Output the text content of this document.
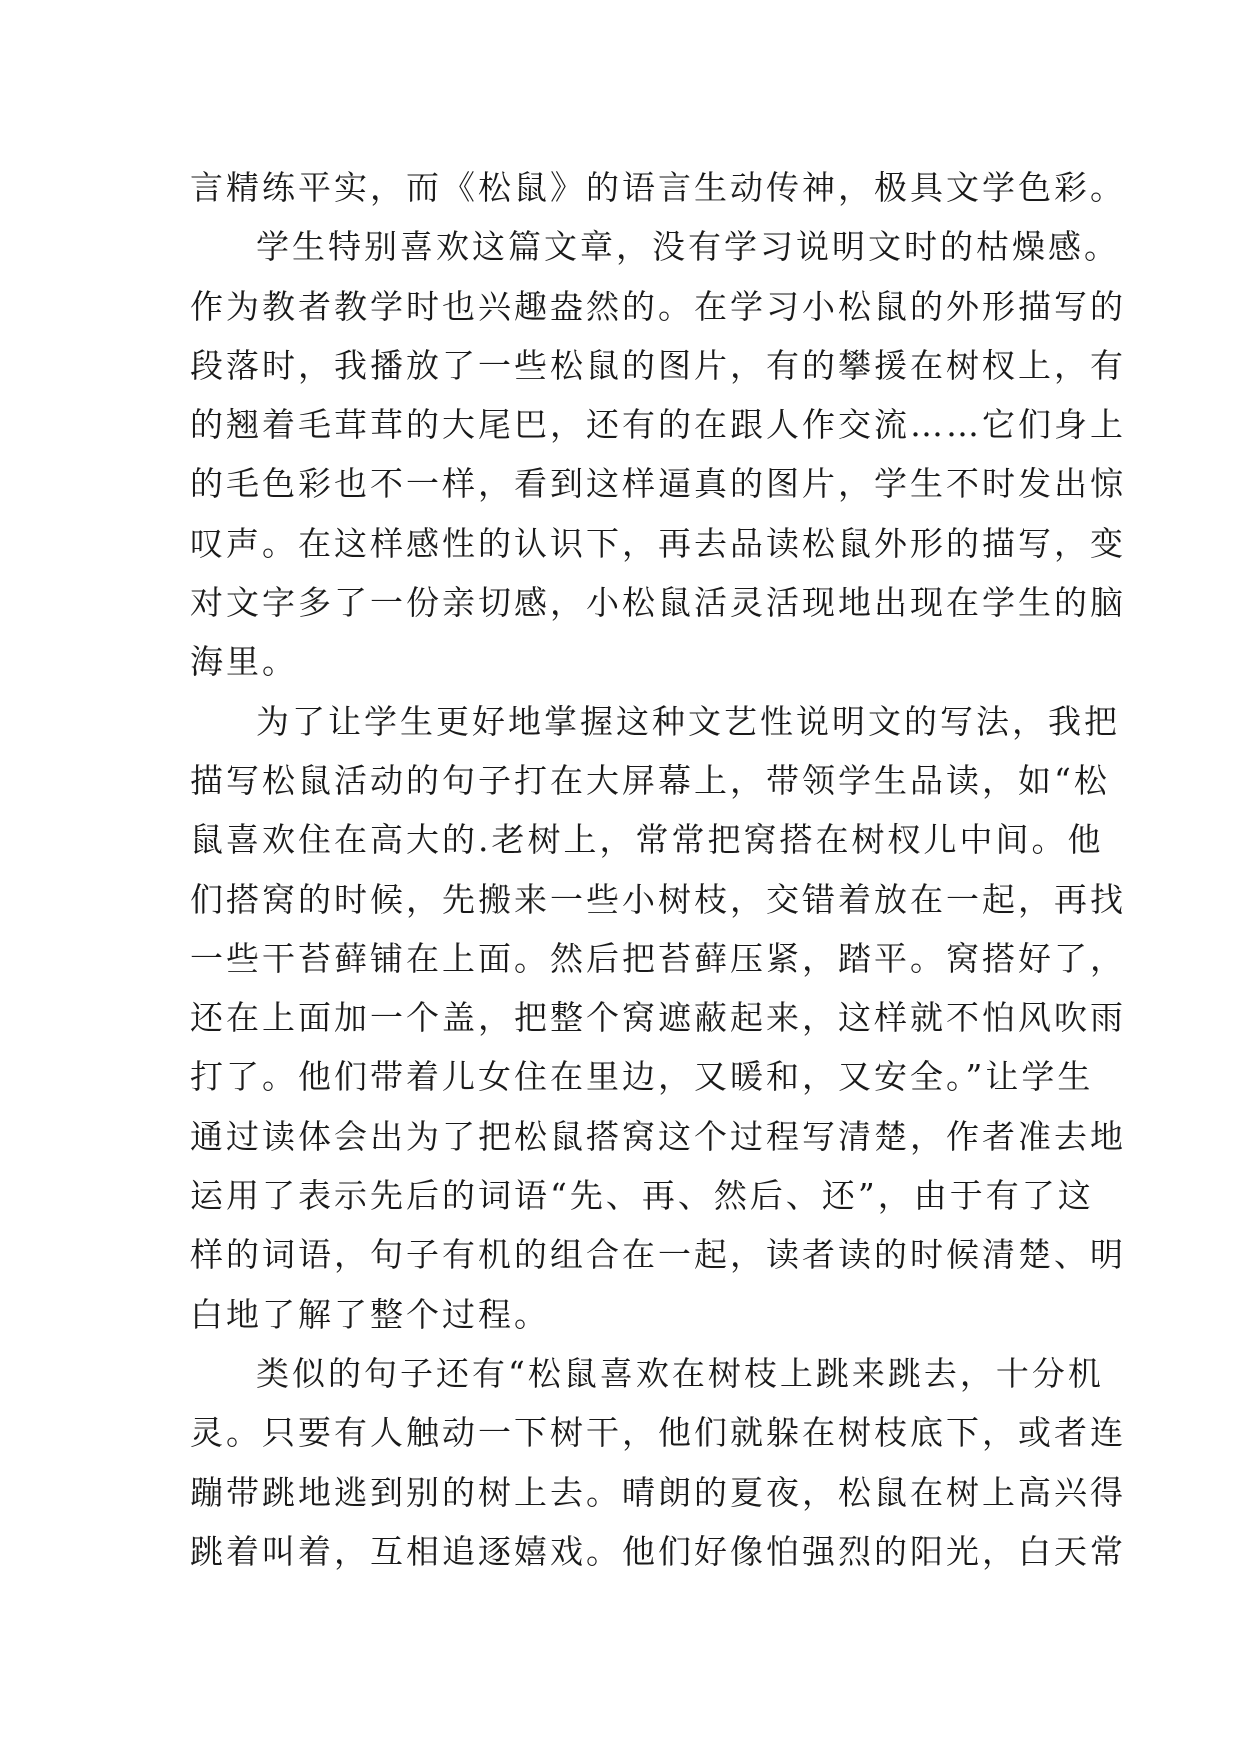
言精练平实，而《松鼠》的语言生动传神，极具文学色彩。
学生特别喜欢这篇文章，没有学习说明文时的枯燥感。
作为教者教学时也兴趣盎然的。在学习小松鼠的外形描写的
段落时，我播放了一些松鼠的图片，有的攀援在树杈上，有
的翘着毛茸茸的大尾巴，还有的在跟人作交流……它们身上
的毛色彩也不一样，看到这样逼真的图片，学生不时发出惊
叹声。在这样感性的认识下，再去品读松鼠外形的描写，变
对文字多了一份亲切感，小松鼠活灵活现地出现在学生的脑
海里。
为了让学生更好地掌握这种文艺性说明文的写法，我把
描写松鼠活动的句子打在大屏幕上，带领学生品读，如“松
鼠喜欢住在高大的.老树上，常常把窝搭在树杈儿中间。他
们搭窝的时候，先搬来一些小树枝，交错着放在一起，再找
一些干苔藓铺在上面。然后把苔藓压紧，踏平。窝搭好了，
还在上面加一个盖，把整个窝遮蔽起来，这样就不怕风吹雨
打了。他们带着儿女住在里边，又暖和，又安全。”让学生
通过读体会出为了把松鼠搭窝这个过程写清楚，作者准去地
运用了表示先后的词语“先、再、然后、还”，由于有了这
样的词语，句子有机的组合在一起，读者读的时候清楚、明
白地了解了整个过程。
类似的句子还有“松鼠喜欢在树枝上跳来跳去，十分机
灵。只要有人触动一下树干，他们就躲在树枝底下，或者连
蹦带跳地逃到别的树上去。晴朗的夏夜，松鼠在树上高兴得
跳着叫着，互相追逐嬉戏。他们好像怕强烈的阳光，白天常
